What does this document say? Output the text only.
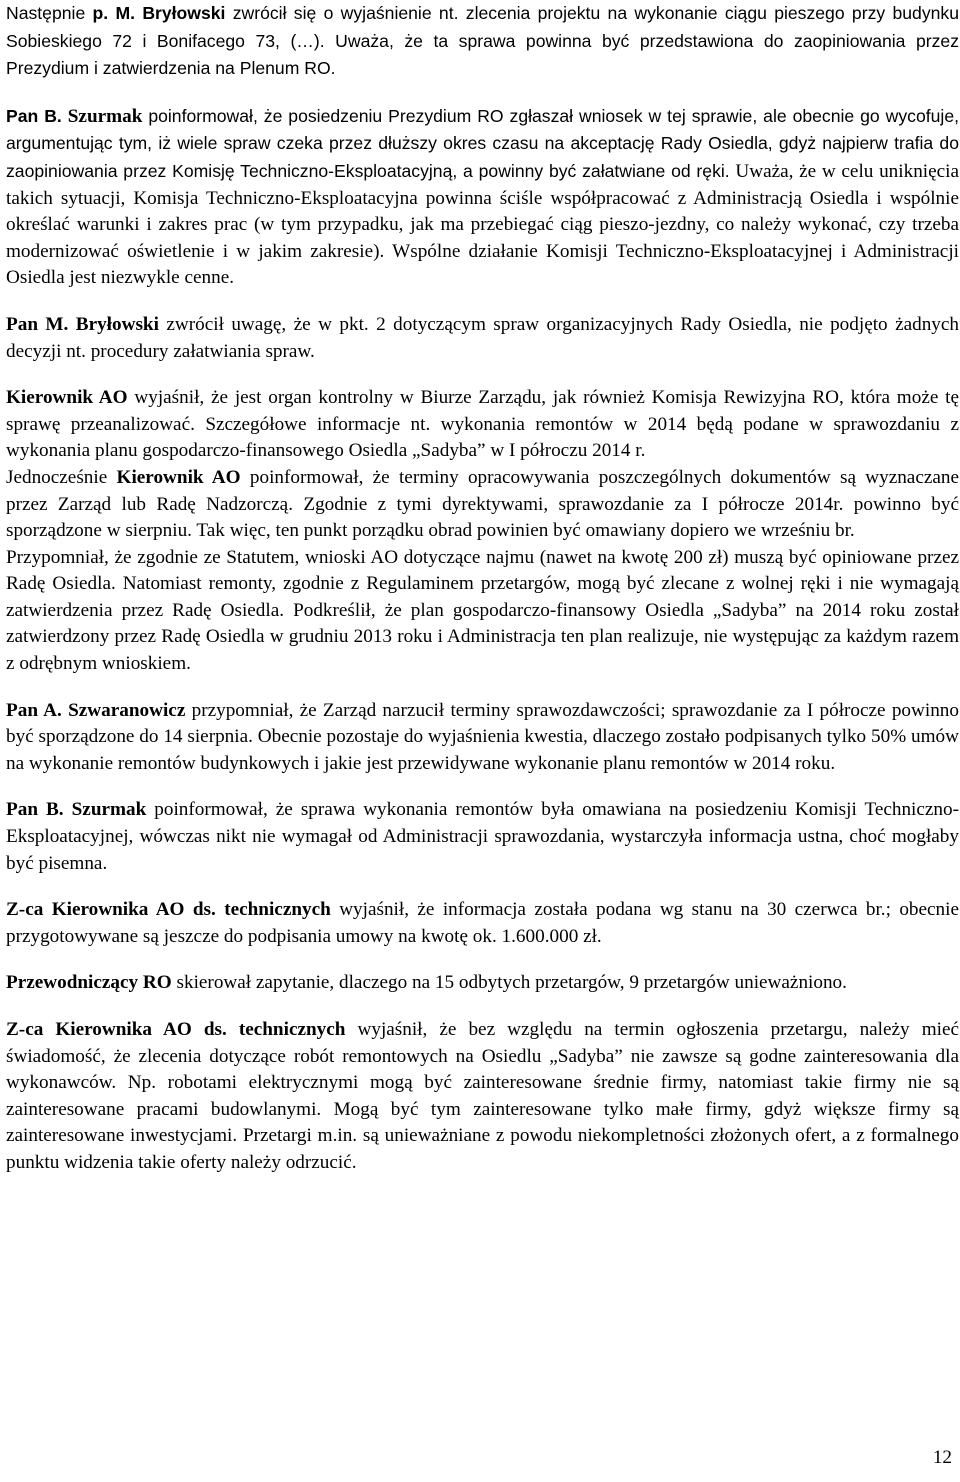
Następnie p. M. Bryłowski zwrócił się o wyjaśnienie nt. zlecenia projektu na wykonanie ciągu pieszego przy budynku Sobieskiego 72 i Bonifacego 73, (…). Uważa, że ta sprawa powinna być przedstawiona do zaopiniowania przez Prezydium i zatwierdzenia na Plenum RO.

Pan B. Szurmak poinformował, że posiedzeniu Prezydium RO zgłaszał wniosek w tej sprawie, ale obecnie go wycofuje, argumentując tym, iż wiele spraw czeka przez dłuższy okres czasu na akceptację Rady Osiedla, gdyż najpierw trafia do zaopiniowania przez Komisję Techniczno-Eksploatacyjną, a powinny być załatwiane od ręki. Uważa, że w celu uniknięcia takich sytuacji, Komisja Techniczno-Eksploatacyjna powinna ściśle współpracować z Administracją Osiedla i wspólnie określać warunki i zakres prac (w tym przypadku, jak ma przebiegać ciąg pieszo-jezdny, co należy wykonać, czy trzeba modernizować oświetlenie i w jakim zakresie). Wspólne działanie Komisji Techniczno-Eksploatacyjnej i Administracji Osiedla jest niezwykle cenne.

Pan M. Bryłowski zwrócił uwagę, że w pkt. 2 dotyczącym spraw organizacyjnych Rady Osiedla, nie podjęto żadnych decyzji nt. procedury załatwiania spraw.

Kierownik AO wyjaśnił, że jest organ kontrolny w Biurze Zarządu, jak również Komisja Rewizyjna RO, która może tę sprawę przeanalizować. Szczegółowe informacje nt. wykonania remontów w 2014 będą podane w sprawozdaniu z wykonania planu gospodarczo-finansowego Osiedla „Sadyba” w I półroczu 2014 r.

Jednocześnie Kierownik AO poinformował, że terminy opracowywania poszczególnych dokumentów są wyznaczane przez Zarząd lub Radę Nadzorczą. Zgodnie z tymi dyrektywami, sprawozdanie za I półrocze 2014r. powinno być sporządzone w sierpniu. Tak więc, ten punkt porządku obrad powinien być omawiany dopiero we wrześniu br.

Przypomniał, że zgodnie ze Statutem, wnioski AO dotyczące najmu (nawet na kwotę 200 zł) muszą być opiniowane przez Radę Osiedla. Natomiast remonty, zgodnie z Regulaminem przetargów, mogą być zlecane z wolnej ręki i nie wymagają zatwierdzenia przez Radę Osiedla. Podkreślił, że plan gospodarczo-finansowy Osiedla „Sadyba” na 2014 roku został zatwierdzony przez Radę Osiedla w grudniu 2013 roku i Administracja ten plan realizuje, nie występując za każdym razem z odrębnym wnioskiem.

Pan A. Szwaranowicz przypomniał, że Zarząd narzucił terminy sprawozdawczości; sprawozdanie za I półrocze powinno być sporządzone do 14 sierpnia. Obecnie pozostaje do wyjaśnienia kwestia, dlaczego zostało podpisanych tylko 50% umów na wykonanie remontów budynkowych i jakie jest przewidywane wykonanie planu remontów w 2014 roku.

Pan B. Szurmak poinformował, że sprawa wykonania remontów była omawiana na posiedzeniu Komisji Techniczno-Eksploatacyjnej, wówczas nikt nie wymagał od Administracji sprawozdania, wystarczyła informacja ustna, choć mogłaby być pisemna.

Z-ca Kierownika AO ds. technicznych wyjaśnił, że informacja została podana wg stanu na 30 czerwca br.; obecnie przygotowywane są jeszcze do podpisania umowy na kwotę ok. 1.600.000 zł.

Przewodniczący RO skierował zapytanie, dlaczego na 15 odbytych przetargów, 9 przetargów unieważniono.

Z-ca Kierownika AO ds. technicznych wyjaśnił, że bez względu na termin ogłoszenia przetargu, należy mieć świadomość, że zlecenia dotyczące robót remontowych na Osiedlu „Sadyba” nie zawsze są godne zainteresowania dla wykonawców. Np. robotami elektrycznymi mogą być zainteresowane średnie firmy, natomiast takie firmy nie są zainteresowane pracami budowlanymi. Mogą być tym zainteresowane tylko małe firmy, gdyż większe firmy są zainteresowane inwestycjami. Przetargi m.in. są unieważniane z powodu niekompletności złożonych ofert, a z formalnego punktu widzenia takie oferty należy odrzucić.

12
